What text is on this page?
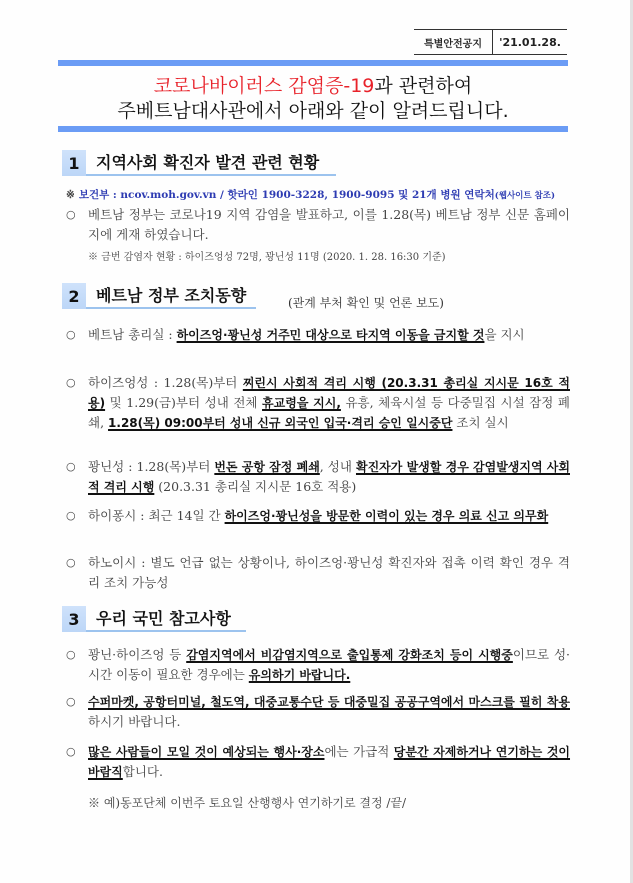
특별안전공지	'21.01.28.
코로나바이러스 감염증-19과 관련하여
주베트남대사관에서 아래와 같이 알려드립니다.
1	지역사회 확진자 발견 관련 현황
※ 보건부 : ncov.moh.gov.vn / 핫라인 1900-3228, 1900-9095 및 21개 병원 연락처(웹사이트 참조)
○ 베트남 정부는 코로나19 지역 감염을 발표하고, 이를 1.28(목) 베트남 정부 신문 홈페이지에 게재 하였습니다.
※ 금번 감염자 현황 : 하이즈엉성 72명, 꽝닌성 11명 (2020. 1. 28. 16:30 기준)
2	베트남 정부 조치동향	(관계 부처 확인 및 언론 보도)
○ 베트남 총리실 : 하이즈엉·꽝닌성 거주민 대상으로 타지역 이동을 금지할 것을 지시
○ 하이즈엉성 : 1.28(목)부터 찌린시 사회적 격리 시행 (20.3.31 총리실 지시문 16호 적용) 및 1.29(금)부터 성내 전체 휴교령을 지시, 유흥, 체육시설 등 다중밀집 시설 잠정 폐쇄, 1.28(목) 09:00부터 성내 신규 외국인 입국·격리 승인 일시중단 조치 실시
○ 꽝닌성 : 1.28(목)부터 번돈 공항 잠정 폐쇄, 성내 확진자가 발생할 경우 감염발생지역 사회적 격리 시행 (20.3.31 총리실 지시문 16호 적용)
○ 하이퐁시 : 최근 14일 간 하이즈엉·꽝닌성을 방문한 이력이 있는 경우 의료 신고 의무화
○ 하노이시 : 별도 언급 없는 상황이나, 하이즈엉·꽝닌성 확진자와 접촉 이력 확인 경우 격리 조치 가능성
3	우리 국민 참고사항
○ 꽝닌·하이즈엉 등 감염지역에서 비감염지역으로 출입통제 강화조치 등이 시행중이므로 성·시간 이동이 필요한 경우에는 유의하기 바랍니다.
○ 수퍼마켓, 공항터미널, 철도역, 대중교통수단 등 대중밀집 공공구역에서 마스크를 필히 착용하시기 바랍니다.
○ 많은 사람들이 모일 것이 예상되는 행사·장소에는 가급적 당분간 자제하거나 연기하는 것이 바람직합니다.
※ 예)동포단체 이번주 토요일 산행행사 연기하기로 결정 /끝/
